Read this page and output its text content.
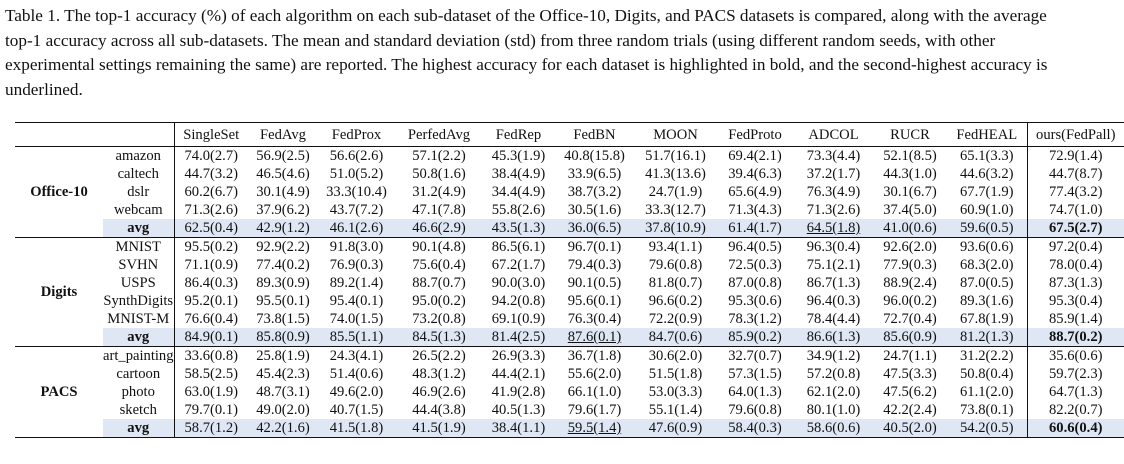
Table 1. The top-1 accuracy (%) of each algorithm on each sub-dataset of the Office-10, Digits, and PACS datasets is compared, along with the average top-1 accuracy across all sub-datasets. The mean and standard deviation (std) from three random trials (using different random seeds, with other experimental settings remaining the same) are reported. The highest accuracy for each dataset is highlighted in bold, and the second-highest accuracy is underlined.

		SingleSet	FedAvg	FedProx	PerfedAvg	FedRep	FedBN	MOON	FedProto	ADCOL	RUCR	FedHEAL	ours(FedPall)
Office-10	amazon	74.0(2.7)	56.9(2.5)	56.6(2.6)	57.1(2.2)	45.3(1.9)	40.8(15.8)	51.7(16.1)	69.4(2.1)	73.3(4.4)	52.1(8.5)	65.1(3.3)	72.9(1.4)
	caltech	44.7(3.2)	46.5(4.6)	51.0(5.2)	50.8(1.6)	38.4(4.9)	33.9(6.5)	41.3(13.6)	39.4(6.3)	37.2(1.7)	44.3(1.0)	44.6(3.2)	44.7(8.7)
	dslr	60.2(6.7)	30.1(4.9)	33.3(10.4)	31.2(4.9)	34.4(4.9)	38.7(3.2)	24.7(1.9)	65.6(4.9)	76.3(4.9)	30.1(6.7)	67.7(1.9)	77.4(3.2)
	webcam	71.3(2.6)	37.9(6.2)	43.7(7.2)	47.1(7.8)	55.8(2.6)	30.5(1.6)	33.3(12.7)	71.3(4.3)	71.3(2.6)	37.4(5.0)	60.9(1.0)	74.7(1.0)
	avg	62.5(0.4)	42.9(1.2)	46.1(2.6)	46.6(2.9)	43.5(1.3)	36.0(6.5)	37.8(10.9)	61.4(1.7)	64.5(1.8)	41.0(0.6)	59.6(0.5)	67.5(2.7)
Digits	MNIST	95.5(0.2)	92.9(2.2)	91.8(3.0)	90.1(4.8)	86.5(6.1)	96.7(0.1)	93.4(1.1)	96.4(0.5)	96.3(0.4)	92.6(2.0)	93.6(0.6)	97.2(0.4)
	SVHN	71.1(0.9)	77.4(0.2)	76.9(0.3)	75.6(0.4)	67.2(1.7)	79.4(0.3)	79.6(0.8)	72.5(0.3)	75.1(2.1)	77.9(0.3)	68.3(2.0)	78.0(0.4)
	USPS	86.4(0.3)	89.3(0.9)	89.2(1.4)	88.7(0.7)	90.0(3.0)	90.1(0.5)	81.8(0.7)	87.0(0.8)	86.7(1.3)	88.9(2.4)	87.0(0.5)	87.3(1.3)
	SynthDigits	95.2(0.1)	95.5(0.1)	95.4(0.1)	95.0(0.2)	94.2(0.8)	95.6(0.1)	96.6(0.2)	95.3(0.6)	96.4(0.3)	96.0(0.2)	89.3(1.6)	95.3(0.4)
	MNIST-M	76.6(0.4)	73.8(1.5)	74.0(1.5)	73.2(0.8)	69.1(0.9)	76.3(0.4)	72.2(0.9)	78.3(1.2)	78.4(4.4)	72.7(0.4)	67.8(1.9)	85.9(1.4)
	avg	84.9(0.1)	85.8(0.9)	85.5(1.1)	84.5(1.3)	81.4(2.5)	87.6(0.1)	84.7(0.6)	85.9(0.2)	86.6(1.3)	85.6(0.9)	81.2(1.3)	88.7(0.2)
PACS	art_painting	33.6(0.8)	25.8(1.9)	24.3(4.1)	26.5(2.2)	26.9(3.3)	36.7(1.8)	30.6(2.0)	32.7(0.7)	34.9(1.2)	24.7(1.1)	31.2(2.2)	35.6(0.6)
	cartoon	58.5(2.5)	45.4(2.3)	51.4(0.6)	48.3(1.2)	44.4(2.1)	55.6(2.0)	51.5(1.8)	57.3(1.5)	57.2(0.8)	47.5(3.3)	50.8(0.4)	59.7(2.3)
	photo	63.0(1.9)	48.7(3.1)	49.6(2.0)	46.9(2.6)	41.9(2.8)	66.1(1.0)	53.0(3.3)	64.0(1.3)	62.1(2.0)	47.5(6.2)	61.1(2.0)	64.7(1.3)
	sketch	79.7(0.1)	49.0(2.0)	40.7(1.5)	44.4(3.8)	40.5(1.3)	79.6(1.7)	55.1(1.4)	79.6(0.8)	80.1(1.0)	42.2(2.4)	73.8(0.1)	82.2(0.7)
	avg	58.7(1.2)	42.2(1.6)	41.5(1.8)	41.5(1.9)	38.4(1.1)	59.5(1.4)	47.6(0.9)	58.4(0.3)	58.6(0.6)	40.5(2.0)	54.2(0.5)	60.6(0.4)
